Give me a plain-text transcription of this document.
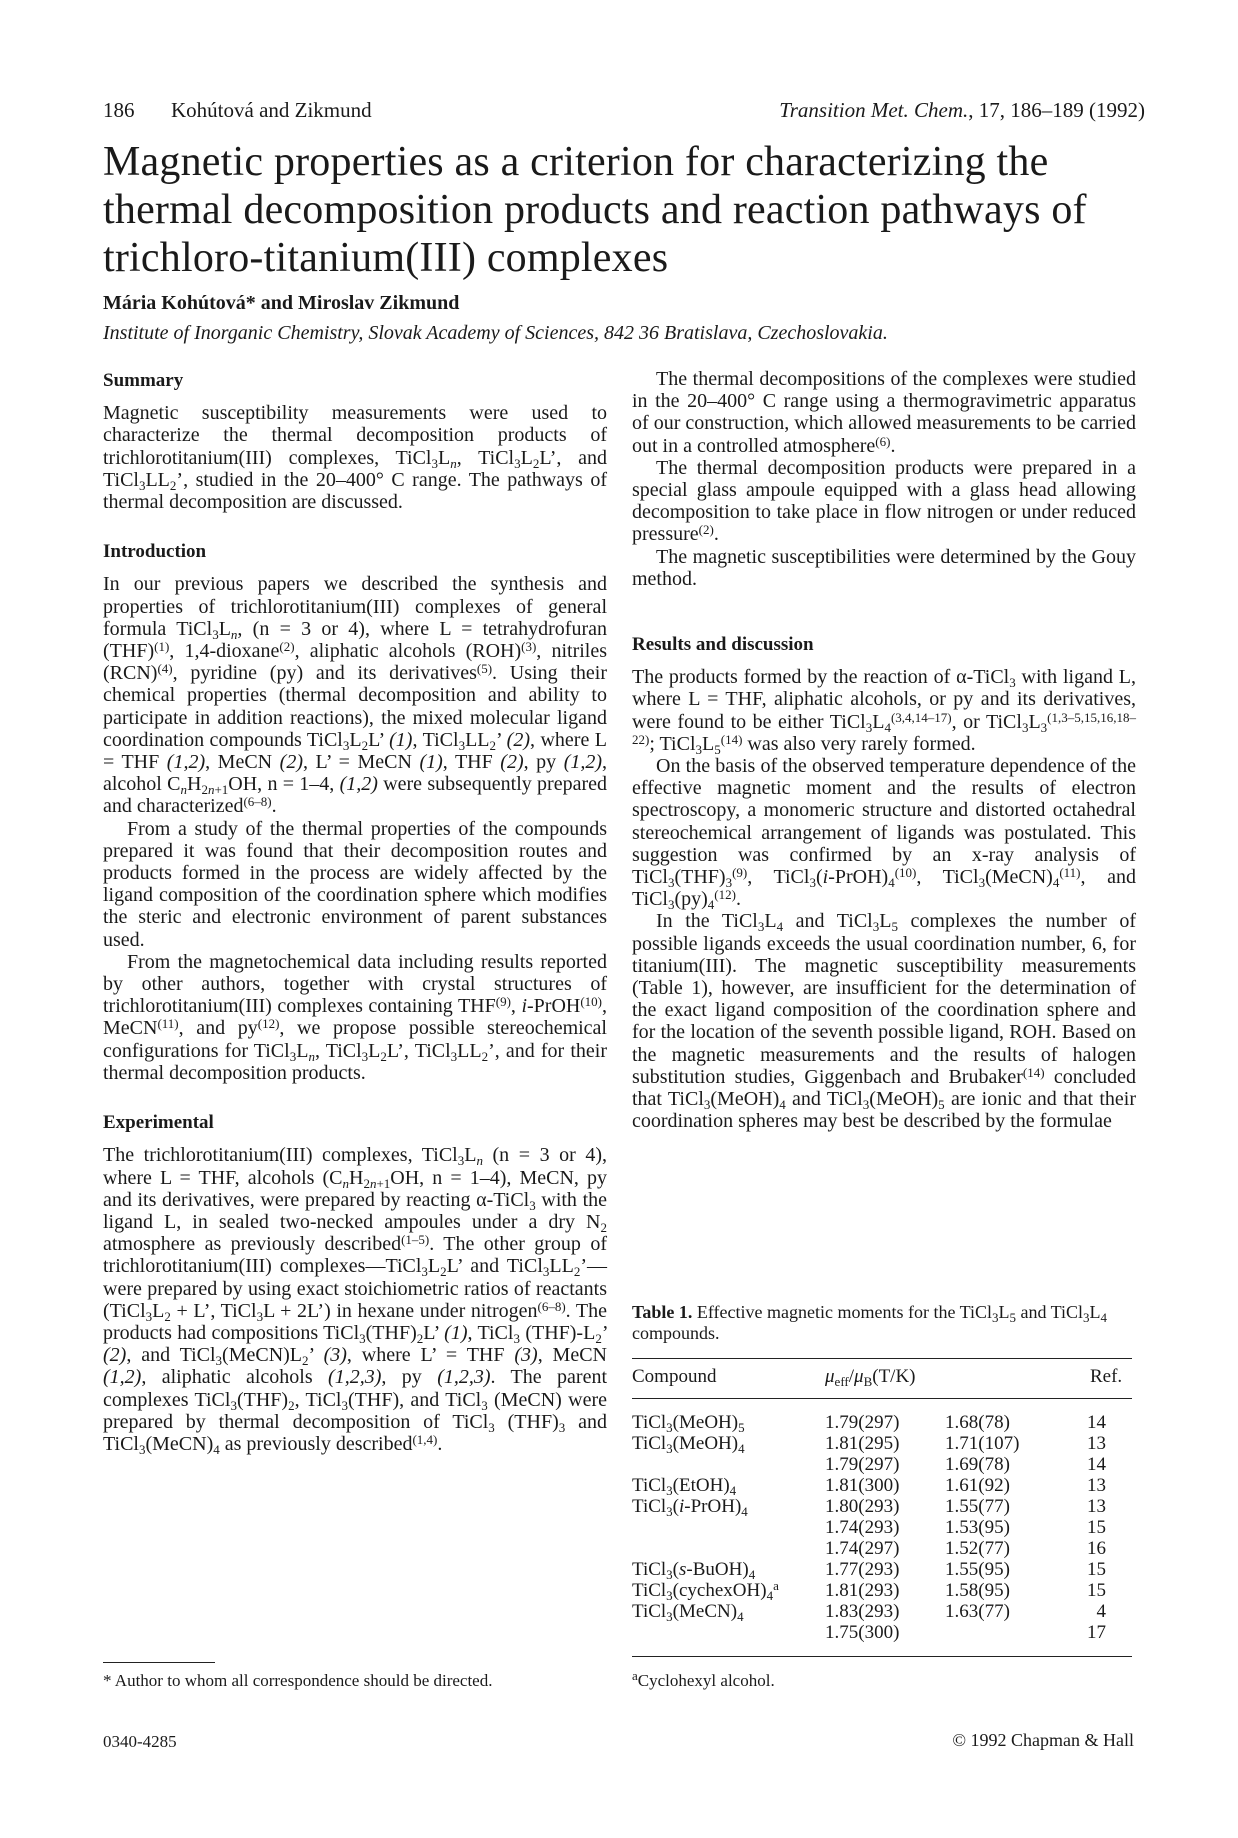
186 Kohútová and Zikmund	Transition Met. Chem., 17, 186–189 (1992)
Magnetic properties as a criterion for characterizing the thermal decomposition products and reaction pathways of trichloro-titanium(III) complexes
Mária Kohútová* and Miroslav Zikmund
Institute of Inorganic Chemistry, Slovak Academy of Sciences, 842 36 Bratislava, Czechoslovakia.

Summary

Magnetic susceptibility measurements were used to characterize the thermal decomposition products of trichlorotitanium(III) complexes, $TiCl_3L_n$, $TiCl_3L_2L$’, and $TiCl_3LL_2$’, studied in the 20–400° C range. The pathways of thermal decomposition are discussed.

Introduction

In our previous papers we described the synthesis and properties of trichlorotitanium(III) complexes of general formula $TiCl_3L_n$, (n = 3 or 4), where L = tetrahydrofuran (THF)$^{(1)}$, 1,4-dioxane$^{(2)}$, aliphatic alcohols (ROH)$^{(3)}$, nitriles (RCN)$^{(4)}$, pyridine (py) and its derivatives$^{(5)}$. Using their chemical properties (thermal decomposition and ability to participate in addition reactions), the mixed molecular ligand coordination compounds $TiCl_3L_2L$’ (1), $TiCl_3LL_2$’ (2), where L = THF (1,2), MeCN (2), L’ = MeCN (1), THF (2), py (1,2), alcohol $C_nH_{2n+1}OH$, n = 1–4, (1,2) were subsequently prepared and characterized$^{(6-8)}$.

From a study of the thermal properties of the compounds prepared it was found that their decomposition routes and products formed in the process are widely affected by the ligand composition of the coordination sphere which modifies the steric and electronic environment of parent substances used.

From the magnetochemical data including results reported by other authors, together with crystal structures of trichlorotitanium(III) complexes containing THF$^{(9)}$, i-PrOH$^{(10)}$, MeCN$^{(11)}$, and $py^{(12)}$, we propose possible stereochemical configurations for $TiCl_3L_n$, $TiCl_3L_2L$’, $TiCl_3LL_2$’, and for their thermal decomposition products.

Experimental

The trichlorotitanium(III) complexes, $TiCl_3L_n$ (n = 3 or 4), where L = THF, alcohols ($C_nH_{2n+1}OH$, n = 1–4), MeCN, py and its derivatives, were prepared by reacting α-TiCl$_3$ with the ligand L, in sealed two-necked ampoules under a dry $N_2$ atmosphere as previously described$^{(1-5)}$. The other group of trichlorotitanium(III) $complexes—TiCl_3L_2L$’ and $TiCl_3LL_2’—were$ prepared by using exact stoichiometric ratios of reactants ($TiCl_3L_2 + L$’, TiCl$_3$L + 2L’) in hexane under nitrogen$^{(6-8)}$. The products had compositions $TiCl_3(THF)_2L$’ (1), TiCl$_3$ $(THF)-L_2$’ (2), and $TiCl_3(MeCN)L_2$’ (3), where L’ = THF (3), MeCN (1,2), aliphatic alcohols (1,2,3), py (1,2,3). The parent complexes $TiCl_3(THF)_2$, TiCl$_3$(THF), and TiCl$_3$ (MeCN) were prepared by thermal decomposition of TiCl$_3$ $(THF)_3$ and $TiCl_3(MeCN)_4$ as previously described$^{(1,4)}$.

The thermal decompositions of the complexes were studied in the 20–400° C range using a thermogravimetric apparatus of our construction, which allowed measurements to be carried out in a controlled atmosphere$^{(6)}$.

The thermal decomposition products were prepared in a special glass ampoule equipped with a glass head allowing decomposition to take place in flow nitrogen or under reduced pressure$^{(2)}$.

The magnetic susceptibilities were determined by the Gouy method.

Results and discussion

The products formed by the reaction of α-TiCl$_3$ with ligand L, where L = THF, aliphatic alcohols, or py and its derivatives, were found to be either $TiCl_3L_4^{(3,4,14-17)}$, or $TiCl_3L_3^{(1,3-5,15,16,18-22)}$; $TiCl_3L_5^{(14)}$ was also very rarely formed.

On the basis of the observed temperature dependence of the effective magnetic moment and the results of electron spectroscopy, a monomeric structure and distorted octahedral stereochemical arrangement of ligands was postulated. This suggestion was confirmed by an x-ray analysis of $TiCl_3(THF)_3^{(9)}$, $TiCl_3(i-PrOH)_4^{(10)}$, $TiCl_3(MeCN)_4^{(11)}$, and $TiCl_3(py)_4^{(12)}$.

In the $TiCl_3L_4$ and $TiCl_3L_5$ complexes the number of possible ligands exceeds the usual coordination number, 6, for titanium(III). The magnetic susceptibility measurements (Table 1), however, are insufficient for the determination of the exact ligand composition of the coordination sphere and for the location of the seventh possible ligand, ROH. Based on the magnetic measurements and the results of halogen substitution studies, Giggenbach and Brubaker$^{(14)}$ concluded that $TiCl_3(MeOH)_4$ and $TiCl_3(MeOH)_5$ are ionic and that their coordination spheres may best be described by the formulae

Table 1. Effective magnetic moments for the $TiCl_3L_5$ and $TiCl_3L_4$ compounds.
Compound	$\mu_{eff}/\mu_B(T/K)$	Ref.
$TiCl_3(MeOH)_5$	1.79(297)	1.68(78)	14
$TiCl_3(MeOH)_4$	1.81(295)	1.71(107)	13
	1.79(297)	1.69(78)	14
$TiCl_3(EtOH)_4$	1.81(300)	1.61(92)	13
$TiCl_3(i-PrOH)_4$	1.80(293)	1.55(77)	13
	1.74(293)	1.53(95)	15
	1.74(297)	1.52(77)	16
$TiCl_3(s-BuOH)_4$	1.77(293)	1.55(95)	15
$TiCl_3(cychexOH)_4^a$	1.81(293)	1.58(95)	15
$TiCl_3(MeCN)_4$	1.83(293)	1.63(77)	4
	1.75(300)		17
* Author to whom all correspondence should be directed.	$^a$Cyclohexyl alcohol.
0340-4285	© 1992 Chapman & Hall
